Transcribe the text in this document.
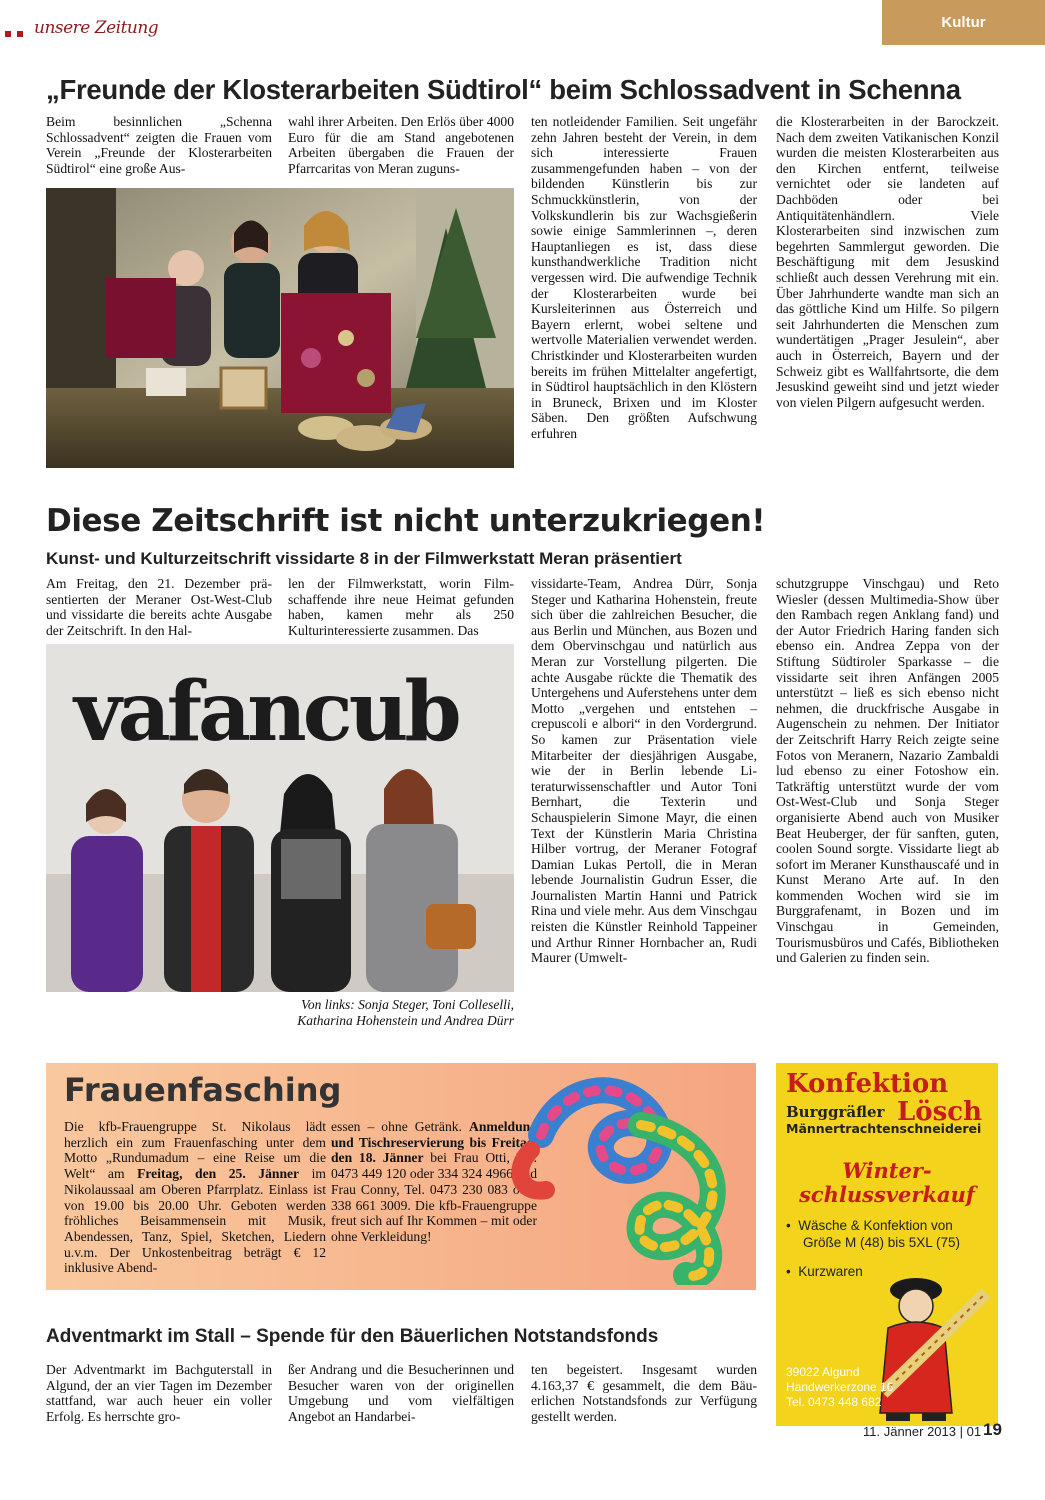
unsere Zeitung	Kultur
„Freunde der Klosterarbeiten Südtirol“ beim Schlossadvent in Schenna
Beim besinnlichen „Schenna Schlossadvent“ zeigten die Frauen vom Verein „Freunde der Klosterarbeiten Südtirol“ eine große Aus-
wahl ihrer Arbeiten. Den Erlös über 4000 Euro für die am Stand angebotenen Arbeiten übergaben die Frauen der Pfarrcaritas von Meran zuguns-
ten notleidender Familien. Seit ungefähr zehn Jahren besteht der Verein, in dem sich interessierte Frauen zusammengefunden haben – von der bildenden Künstlerin bis zur Schmuckkünstlerin, von der Volkskundlerin bis zur Wachsgießerin sowie einige Sammlerinnen –, deren Hauptanliegen es ist, dass diese kunsthandwerkliche Tradition nicht vergessen wird. Die aufwendige Technik der Klosterarbeiten wurde bei Kursleiterinnen aus Österreich und Bayern erlernt, wobei seltene und wertvolle Materialien verwendet werden. Christkinder und Klosterarbeiten wurden bereits im frühen Mittelalter angefertigt, in Südtirol hauptsächlich in den Klöstern in Bruneck, Brixen und im Kloster Säben. Den größten Aufschwung erfuhren
die Klosterarbeiten in der Barockzeit. Nach dem zweiten Vatikanischen Konzil wurden die meisten Klosterarbeiten aus den Kirchen entfernt, teilweise vernichtet oder sie landeten auf Dachböden oder bei Antiquitätenhändlern. Viele Klosterarbeiten sind inzwischen zum begehrten Sammlergut geworden. Die Beschäftigung mit dem Jesuskind schließt auch dessen Verehrung mit ein. Über Jahrhunderte wandte man sich an das göttliche Kind um Hilfe. So pilgern seit Jahrhunderten die Menschen zum wundertätigen „Prager Jesulein“, aber auch in Österreich, Bayern und der Schweiz gibt es Wallfahrtsorte, die dem Jesuskind geweiht sind und jetzt wieder von vielen Pilgern aufgesucht werden.
Diese Zeitschrift ist nicht unterzukriegen!
Kunst- und Kulturzeitschrift vissidarte 8 in der Filmwerkstatt Meran präsentiert
Am Freitag, den 21. Dezember präsentierten der Meraner Ost-West-Club und vissidarte die bereits achte Ausgabe der Zeitschrift. In den Hal-
len der Filmwerkstatt, worin Filmschaffende ihre neue Heimat gefunden haben, kamen mehr als 250 Kulturinteressierte zusammen. Das
vissidarte-Team, Andrea Dürr, Sonja Steger und Katharina Hohenstein, freute sich über die zahlreichen Besucher, die aus Berlin und München, aus Bozen und dem Obervinschgau und natürlich aus Meran zur Vorstellung pilgerten. Die achte Ausgabe rückte die Thematik des Untergehens und Auferstehens unter dem Motto „vergehen und entstehen – crepuscoli e albori“ in den Vordergrund. So kamen zur Präsentation viele Mitarbeiter der diesjährigen Ausgabe, wie der in Berlin lebende Literaturwissenschaftler und Autor Toni Bernhart, die Texterin und Schauspielerin Simone Mayr, die einen Text der Künstlerin Maria Christina Hilber vortrug, der Meraner Fotograf Damian Lukas Pertoll, die in Meran lebende Journalistin Gudrun Esser, die Journalisten Martin Hanni und Patrick Rina und viele mehr. Aus dem Vinschgau reisten die Künstler Reinhold Tappeiner und Arthur Rinner Hornbacher an, Rudi Maurer (Umwelt-
schutzgruppe Vinschgau) und Reto Wiesler (dessen Multimedia-Show über den Rambach regen Anklang fand) und der Autor Friedrich Haring fanden sich ebenso ein. Andrea Zeppa von der Stiftung Südtiroler Sparkasse – die vissidarte seit ihren Anfängen 2005 unterstützt – ließ es sich ebenso nicht nehmen, die druckfrische Ausgabe in Augenschein zu nehmen. Der Initiator der Zeitschrift Harry Reich zeigte seine Fotos von Meranern, Nazario Zambaldi lud ebenso zu einer Fotoshow ein. Tatkräftig unterstützt wurde der vom Ost-West-Club und Sonja Steger organisierte Abend auch von Musiker Beat Heuberger, der für sanften, guten, coolen Sound sorgte. Vissidarte liegt ab sofort im Meraner Kunsthauscafé und in Kunst Merano Arte auf. In den kommenden Wochen wird sie im Burggrafenamt, in Bozen und im Vinschgau in Gemeinden, Tourismusbüros und Cafés, Bibliotheken und Galerien zu finden sein.
vafancub
Von links: Sonja Steger, Toni Colleselli,
Katharina Hohenstein und Andrea Dürr
Frauenfasching
Die kfb-Frauengruppe St. Nikolaus lädt herzlich ein zum Frauenfasching unter dem Motto „Rundumadum – eine Reise um die Welt“ am Freitag, den 25. Jänner im Nikolaussaal am Oberen Pfarrplatz. Einlass ist von 19.00 bis 20.00 Uhr. Geboten werden fröhliches Beisammensein mit Musik, Abendessen, Tanz, Spiel, Sketchen, Liedern u.v.m. Der Unkostenbeitrag beträgt € 12 inklusive Abend-
essen – ohne Getränk. Anmeldung und Tischreservierung bis Freitag, den 18. Jänner bei Frau Otti, Tel. 0473 449 120 oder 334 324 4966 und Frau Conny, Tel. 0473 230 083 oder 338 661 3009. Die kfb-Frauengruppe freut sich auf Ihr Kommen – mit oder ohne Verkleidung!
Konfektion
Burggräfler Lösch
Männertrachtenschneiderei
Winter-
schlussverkauf
•  Wäsche & Konfektion von
Größe M (48) bis 5XL (75)
•  Kurzwaren
39022 Algund
Handwerkerzone 16
Tel. 0473 448 682
Adventmarkt im Stall – Spende für den Bäuerlichen Notstandsfonds
Der Adventmarkt im Bachguterstall in Algund, der an vier Tagen im Dezember stattfand, war auch heuer ein voller Erfolg. Es herrschte gro-
ßer Andrang und die Besucherinnen und Besucher waren von der originellen Umgebung und vom vielfältigen Angebot an Handarbei-
ten begeistert. Insgesamt wurden 4.163,37 € gesammelt, die dem Bäuerlichen Notstandsfonds zur Verfügung gestellt werden.
11. Jänner 2013 | 01 19
